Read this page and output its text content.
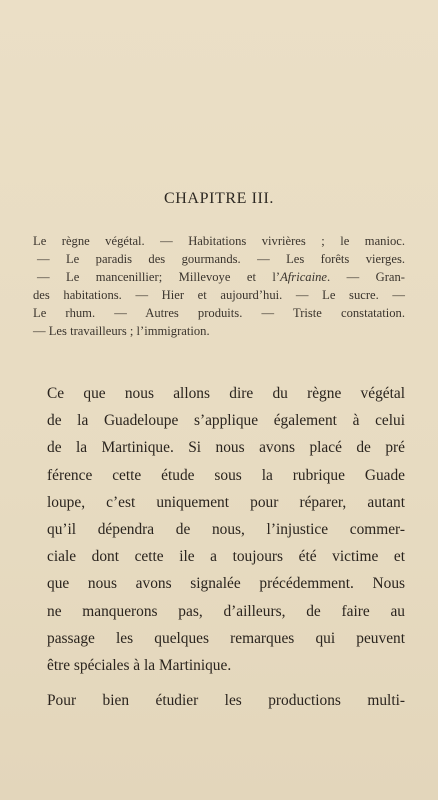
CHAPITRE III.
Le règne végétal. — Habitations vivrières ; le manioc.
— Le paradis des gourmands. — Les forêts vierges.
— Le mancenillier; Millevoye et l’Africaine. — Gran-
des habitations. — Hier et aujourd’hui. — Le sucre. —
Le rhum. — Autres produits. — Triste constatation.
— Les travailleurs ; l’immigration.
Ce que nous allons dire du règne végétal
de la Guadeloupe s’applique également à celui
de la Martinique. Si nous avons placé de pré
férence cette étude sous la rubrique Guade
loupe, c’est uniquement pour réparer, autant
qu’il dépendra de nous, l’injustice commer-
ciale dont cette ile a toujours été victime et
que nous avons signalée précédemment. Nous
ne manquerons pas, d’ailleurs, de faire au
passage les quelques remarques qui peuvent
être spéciales à la Martinique.
Pour bien étudier les productions multi-
